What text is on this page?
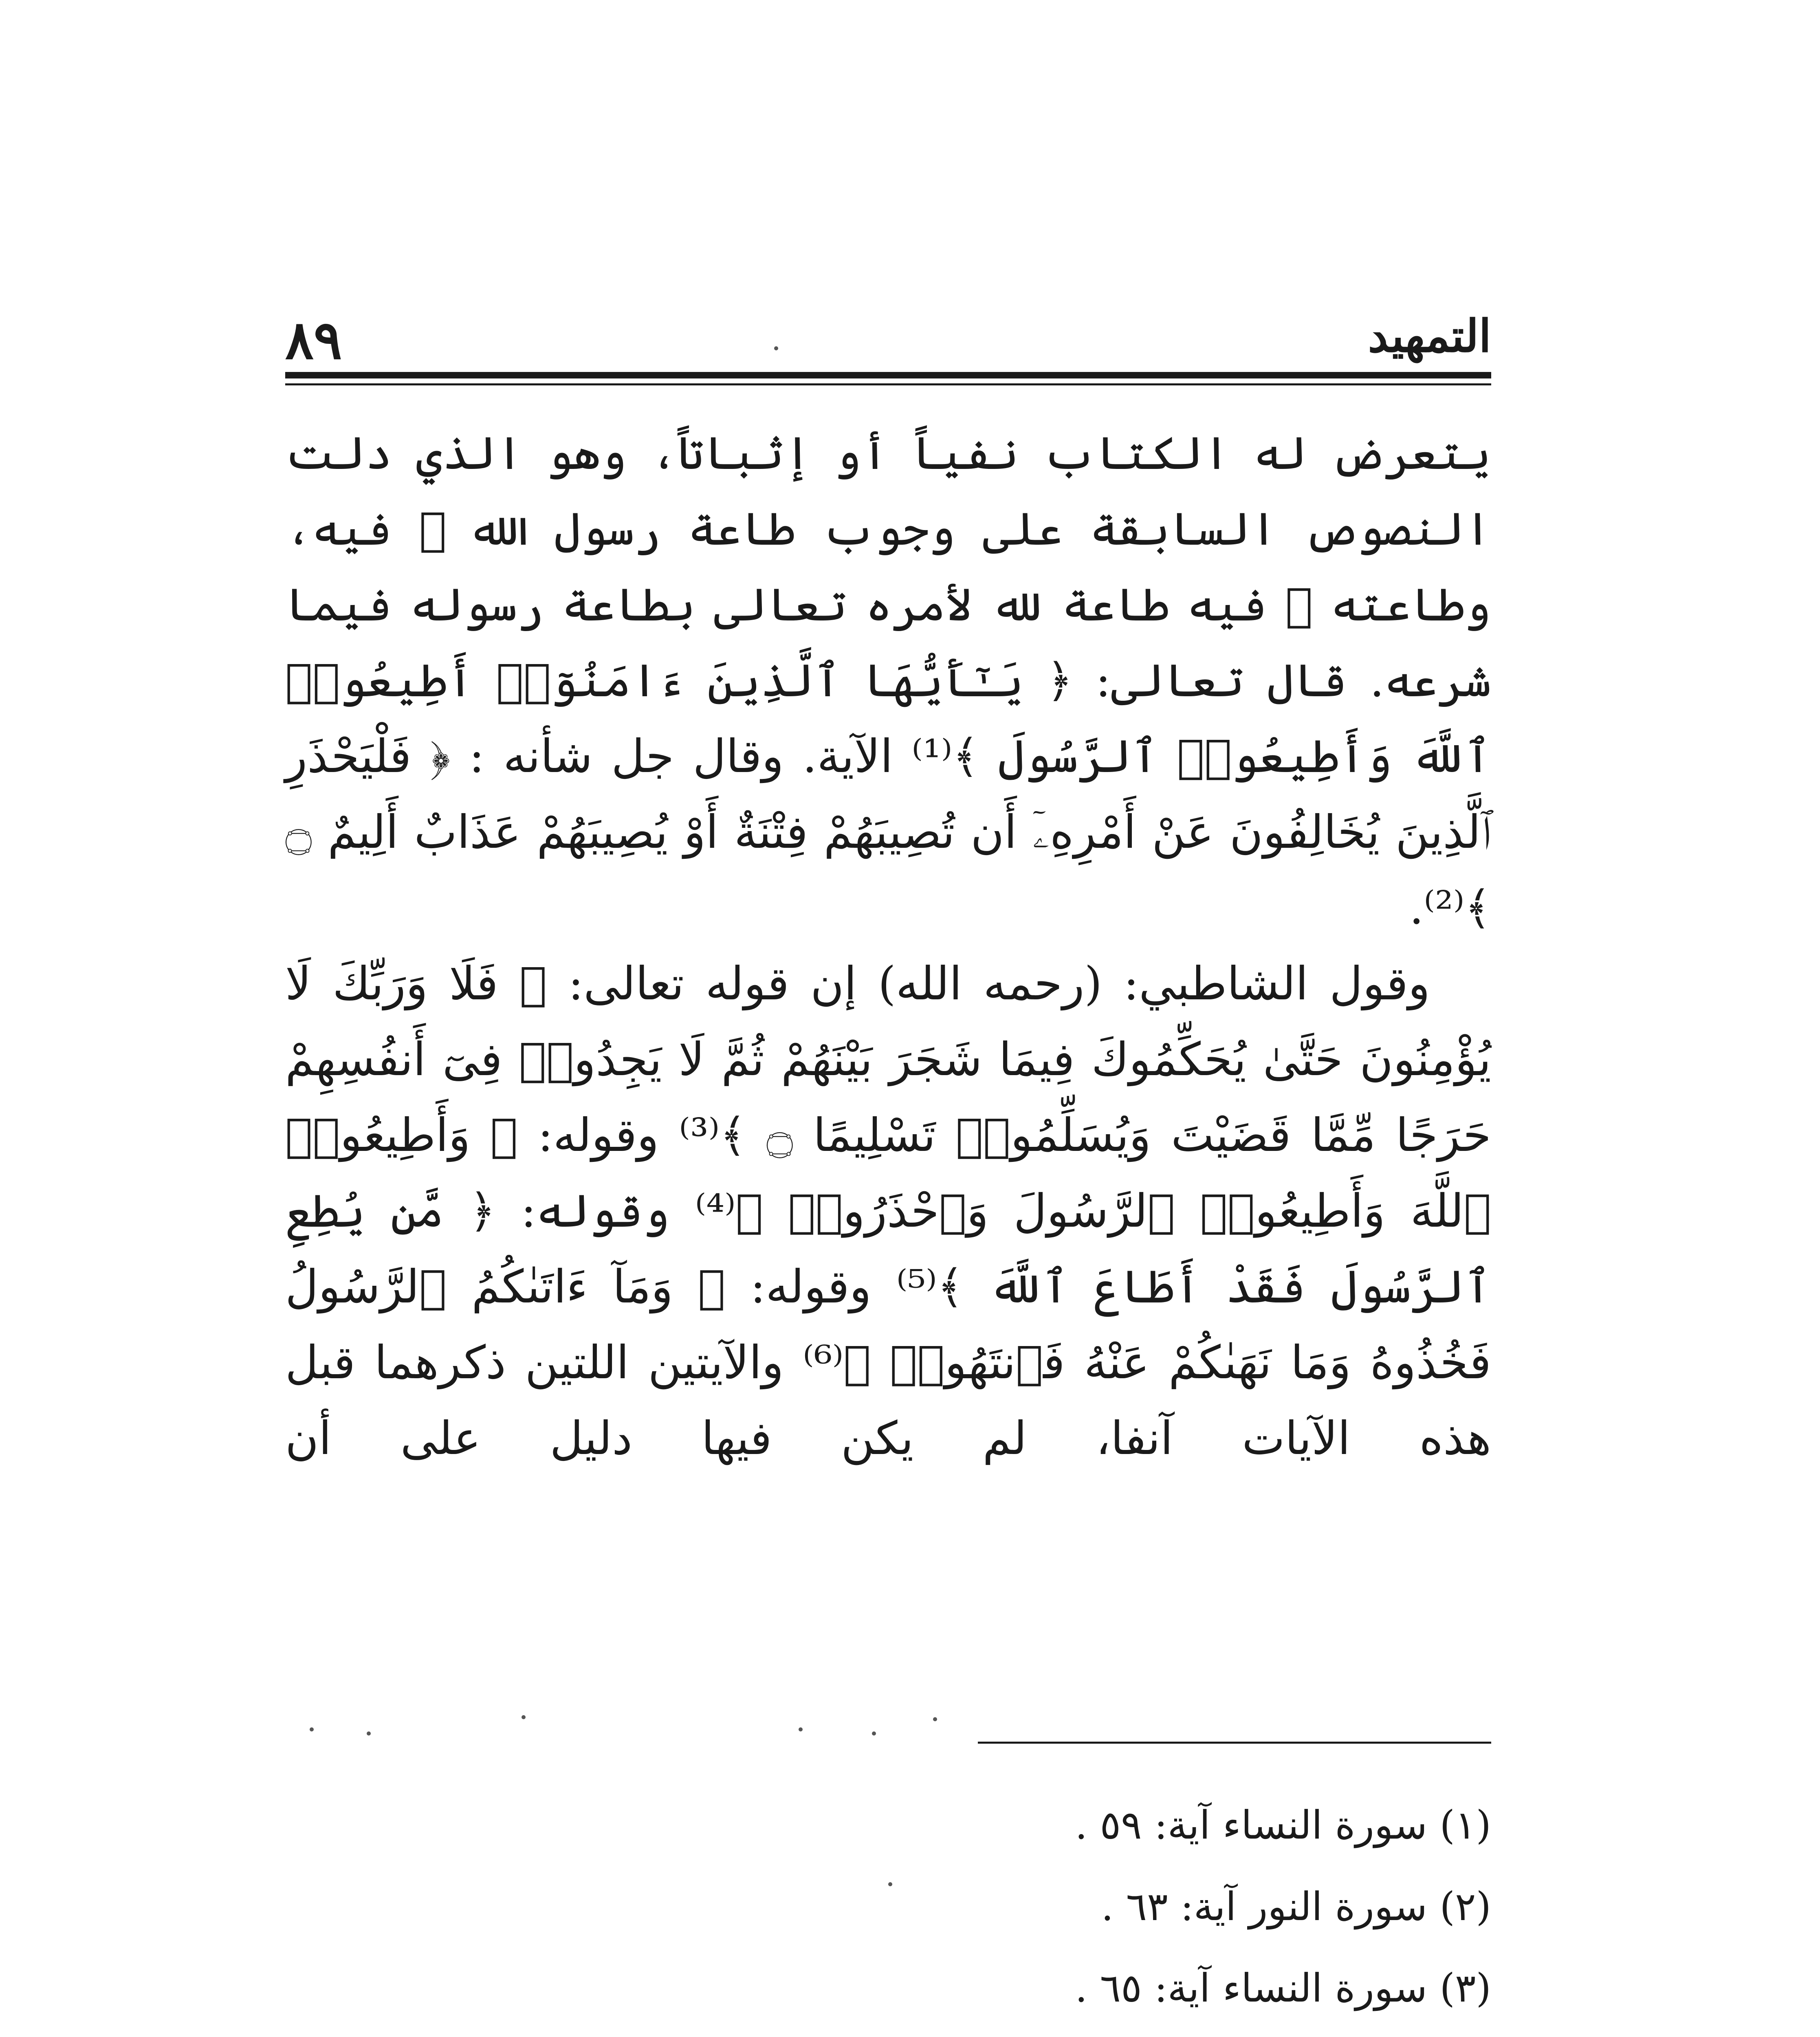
٨٩	التمهيد

يتعرض له الكتاب نفياً أو إثباتاً، وهو الذي دلت النصوص السابقة على وجوب طاعة رسول الله ﷺ فيه، وطاعته ﷺ فيه طاعة لله لأمره تعالى بطاعة رسوله فيما شرعه. قال تعالى: ﴿ يَـٰٓأَيُّهَا ٱلَّذِينَ ءَامَنُوٓا۟ أَطِيعُوا۟ ٱللَّهَ وَأَطِيعُوا۟ ٱلرَّسُولَ ﴾⁽¹⁾ الآية. وقال جل شأنه : ﴿ فَلْيَحْذَرِ ٱلَّذِينَ يُخَالِفُونَ عَنْ أَمْرِهِۦٓ أَن تُصِيبَهُمْ فِتْنَةٌ أَوْ يُصِيبَهُمْ عَذَابٌ أَلِيمٌ ۝ ﴾⁽²⁾.

وقول الشاطبي: (رحمه الله) إن قوله تعالى: ﴿ فَلَا وَرَبِّكَ لَا يُؤْمِنُونَ حَتَّىٰ يُحَكِّمُوكَ فِيمَا شَجَرَ بَيْنَهُمْ ثُمَّ لَا يَجِدُوا۟ فِىٓ أَنفُسِهِمْ حَرَجًا مِّمَّا قَضَيْتَ وَيُسَلِّمُوا۟ تَسْلِيمًا ۝ ﴾⁽³⁾ وقوله: ﴿ وَأَطِيعُوا۟ ٱللَّهَ وَأَطِيعُوا۟ ٱلرَّسُولَ وَٱحْذَرُوا۟ ﴾⁽⁴⁾ وقوله: ﴿ مَّن يُطِعِ ٱلرَّسُولَ فَقَدْ أَطَاعَ ٱللَّهَ ﴾⁽⁵⁾ وقوله: ﴿ وَمَآ ءَاتَىٰكُمُ ٱلرَّسُولُ فَخُذُوهُ وَمَا نَهَىٰكُمْ عَنْهُ فَٱنتَهُوا۟ ﴾⁽⁶⁾ والآيتين اللتين ذكرهما قبل هذه الآيات آنفا، لم يكن فيها دليل على أن

(١) سورة النساء آية: ٥٩ .

(٢) سورة النور آية: ٦٣ .

(٣) سورة النساء آية: ٦٥ .
